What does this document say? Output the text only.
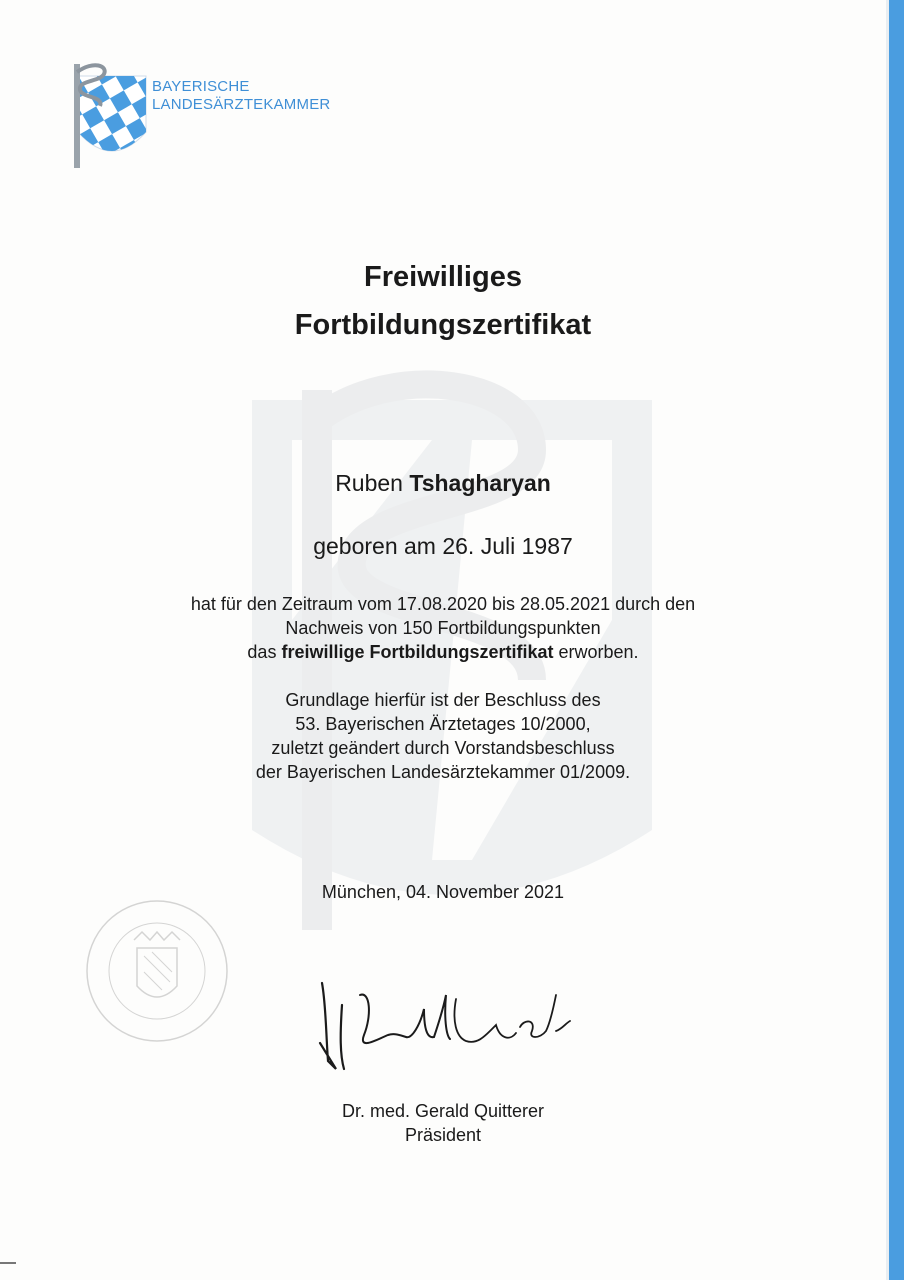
BAYERISCHE
LANDESÄRZTEKAMMER
Freiwilliges
Fortbildungszertifikat
Ruben Tshagharyan
geboren am 26. Juli 1987
hat für den Zeitraum vom 17.08.2020 bis 28.05.2021 durch den
Nachweis von 150 Fortbildungspunkten
das freiwillige Fortbildungszertifikat erworben.
Grundlage hierfür ist der Beschluss des
53. Bayerischen Ärztetages 10/2000,
zuletzt geändert durch Vorstandsbeschluss
der Bayerischen Landesärztekammer 01/2009.
München, 04. November 2021
Dr. med. Gerald Quitterer
Präsident
